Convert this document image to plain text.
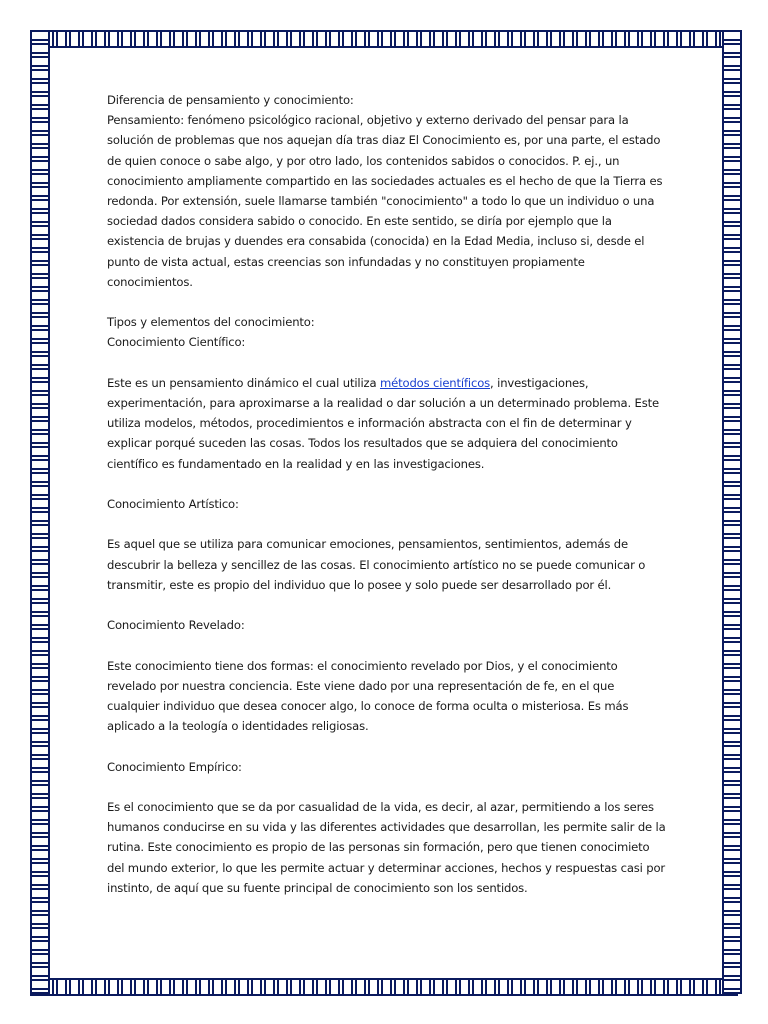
Diferencia de pensamiento y conocimiento:

Pensamiento: fenómeno psicológico racional, objetivo y externo derivado del pensar para la solución de problemas que nos aquejan día tras diaz El Conocimiento es, por una parte, el estado de quien conoce o sabe algo, y por otro lado, los contenidos sabidos o conocidos. P. ej., un conocimiento ampliamente compartido en las sociedades actuales es el hecho de que la Tierra es redonda. Por extensión, suele llamarse también "conocimiento" a todo lo que un individuo o una sociedad dados considera sabido o conocido. En este sentido, se diría por ejemplo que la existencia de brujas y duendes era consabida (conocida) en la Edad Media, incluso si, desde el punto de vista actual, estas creencias son infundadas y no constituyen propiamente conocimientos.

Tipos y elementos del conocimiento:

Conocimiento Científico:

Este es un pensamiento dinámico el cual utiliza métodos científicos, investigaciones, experimentación, para aproximarse a la realidad o dar solución a un determinado problema. Este utiliza modelos, métodos, procedimientos e información abstracta con el fin de determinar y explicar porqué suceden las cosas. Todos los resultados que se adquiera del conocimiento científico es fundamentado en la realidad y en las investigaciones.

Conocimiento Artístico:

Es aquel que se utiliza para comunicar emociones, pensamientos, sentimientos, además de descubrir la belleza y sencillez de las cosas. El conocimiento artístico no se puede comunicar o transmitir, este es propio del individuo que lo posee y solo puede ser desarrollado por él.

Conocimiento Revelado:

Este conocimiento tiene dos formas: el conocimiento revelado por Dios, y el conocimiento revelado por nuestra conciencia. Este viene dado por una representación de fe, en el que cualquier individuo que desea conocer algo, lo conoce de forma oculta o misteriosa. Es más aplicado a la teología o identidades religiosas.

Conocimiento Empírico:

Es el conocimiento que se da por casualidad de la vida, es decir, al azar, permitiendo a los seres humanos conducirse en su vida y las diferentes actividades que desarrollan, les permite salir de la rutina. Este conocimiento es propio de las personas sin formación, pero que tienen conocimieto del mundo exterior, lo que les permite actuar y determinar acciones, hechos y respuestas casi por instinto, de aquí que su fuente principal de conocimiento son los sentidos.
